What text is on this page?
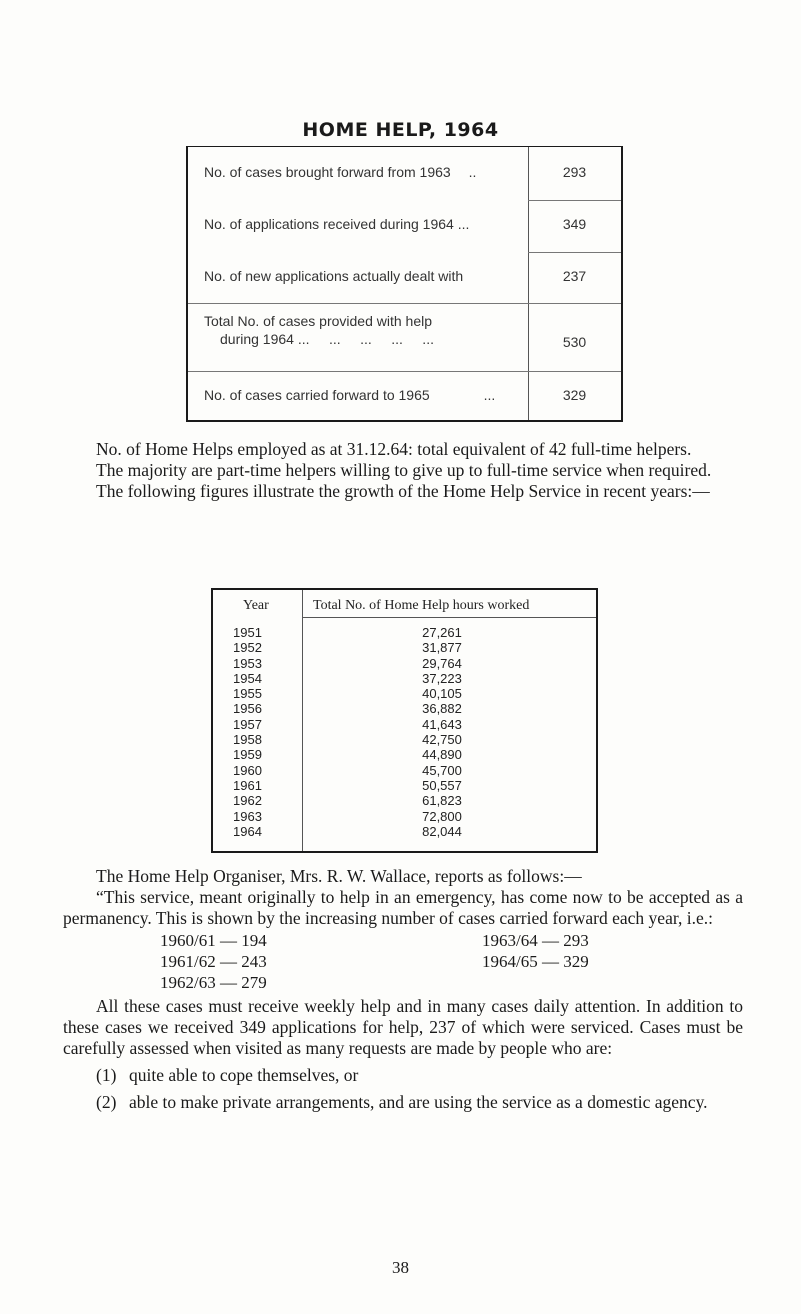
HOME HELP, 1964
No. of cases brought forward from 1963 ..	293
No. of applications received during 1964 ...	349
No. of new applications actually dealt with	237
Total No. of cases provided with help
during 1964 ...     ...     ...     ...     ...	530
No. of cases carried forward to 1965	...	329

No. of Home Helps employed as at 31.12.64: total equivalent of 42 full-time helpers.

The majority are part-time helpers willing to give up to full-time service when required.

The following figures illustrate the growth of the Home Help Service in recent years:—

Year	Total No. of Home Help hours worked
1951	27,261
1952	31,877
1953	29,764
1954	37,223
1955	40,105
1956	36,882
1957	41,643
1958	42,750
1959	44,890
1960	45,700
1961	50,557
1962	61,823
1963	72,800
1964	82,044

The Home Help Organiser, Mrs. R. W. Wallace, reports as follows:—

“This service, meant originally to help in an emergency, has come now to be accepted as a permanency. This is shown by the increasing number of cases carried forward each year, i.e.:

1960/61 — 194
1961/62 — 243
1962/63 — 279
1963/64 — 293
1964/65 — 329

All these cases must receive weekly help and in many cases daily attention. In addition to these cases we received 349 applications for help, 237 of which were serviced. Cases must be carefully assessed when visited as many requests are made by people who are:

(1) quite able to cope themselves, or
(2) able to make private arrangements, and are using the service as a domestic agency.
38
